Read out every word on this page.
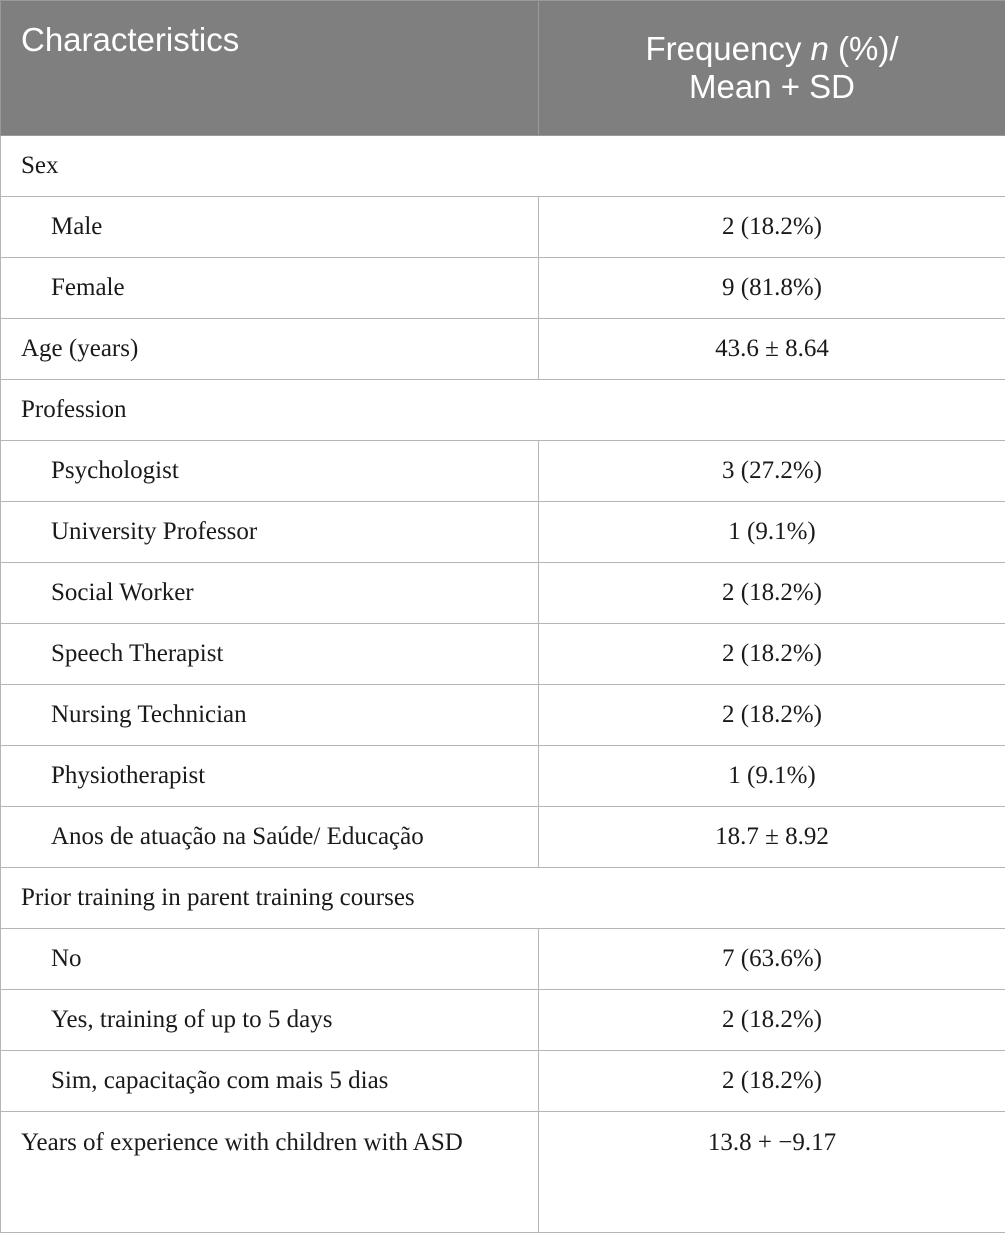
Characteristics	Frequency n (%)/
Mean + SD
Sex	
Male	2 (18.2%)
Female	9 (81.8%)
Age (years)	43.6 ± 8.64
Profession	
Psychologist	3 (27.2%)
University Professor	1 (9.1%)
Social Worker	2 (18.2%)
Speech Therapist	2 (18.2%)
Nursing Technician	2 (18.2%)
Physiotherapist	1 (9.1%)
Anos de atuação na Saúde/ Educação	18.7 ± 8.92
Prior training in parent training courses	
No	7 (63.6%)
Yes, training of up to 5 days	2 (18.2%)
Sim, capacitação com mais 5 dias	2 (18.2%)
Years of experience with children with ASD	13.8 + −9.17
